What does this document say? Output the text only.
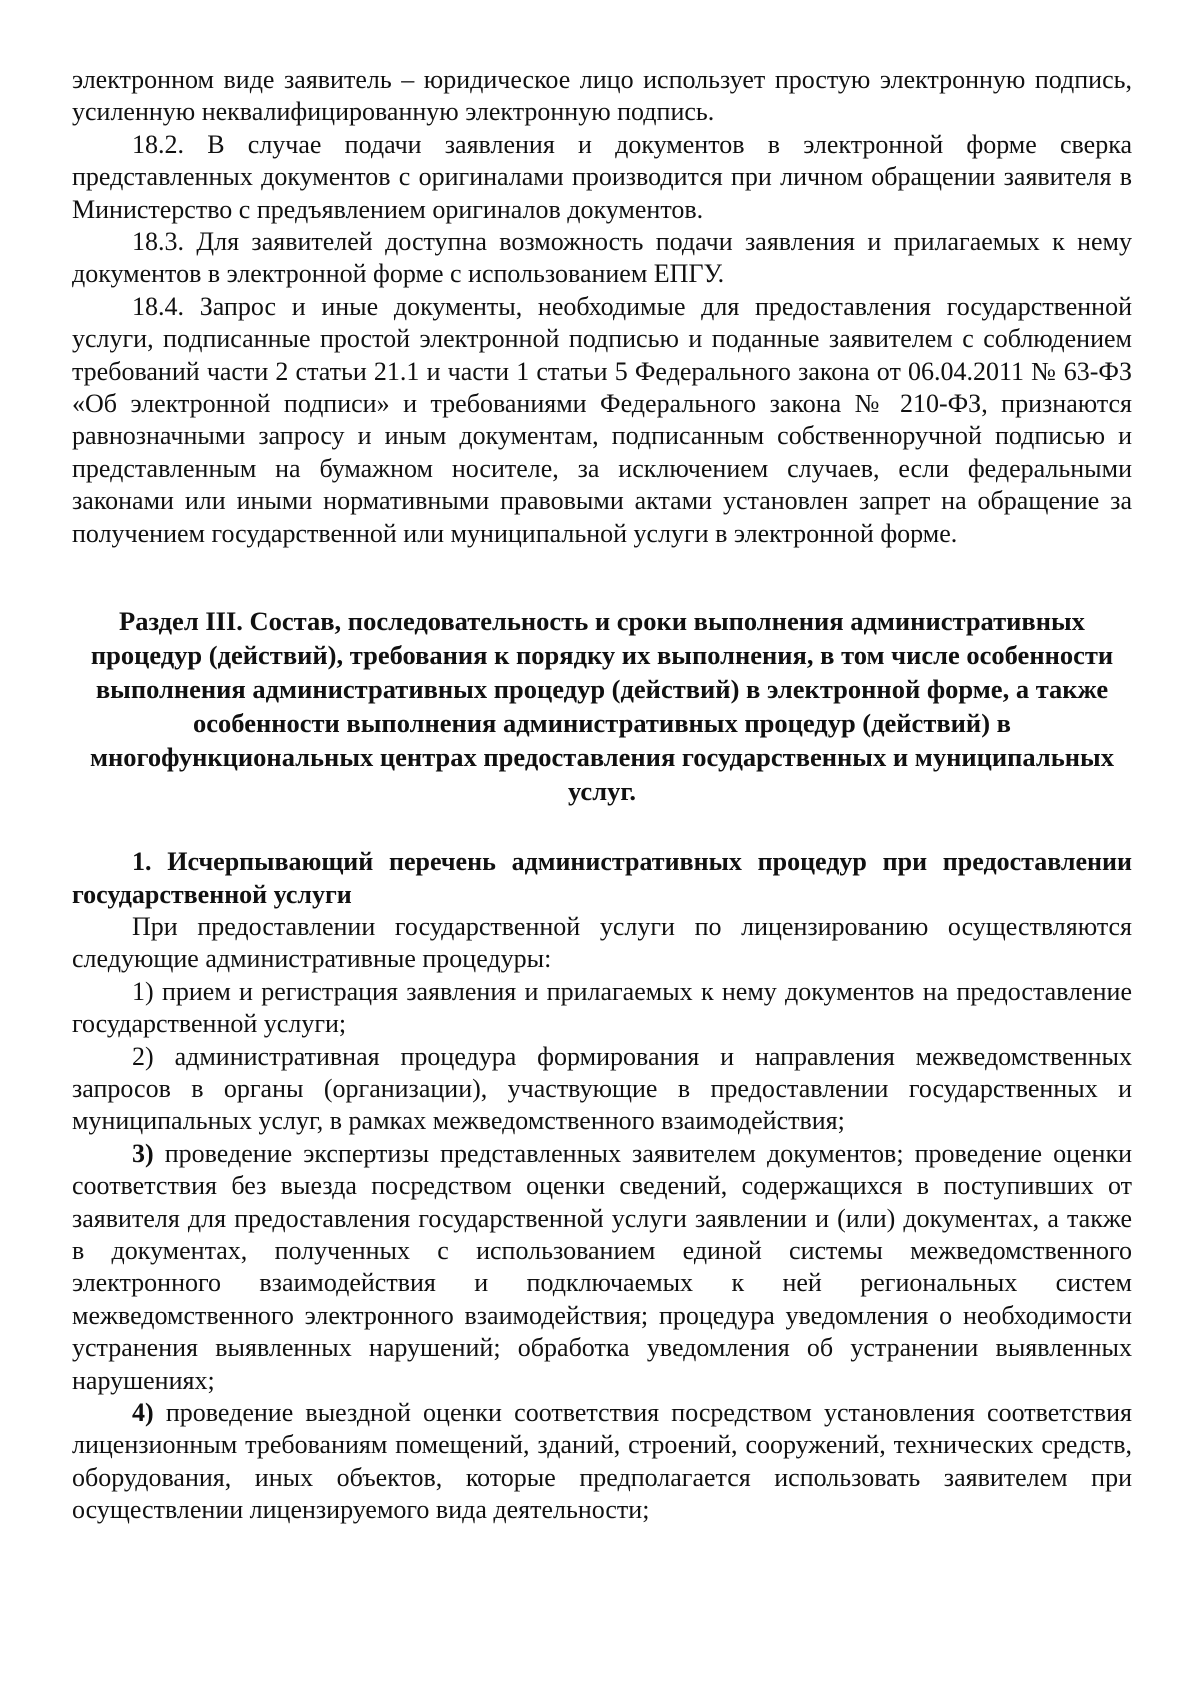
электронном виде заявитель – юридическое лицо использует простую электронную подпись, усиленную неквалифицированную электронную подпись.

18.2. В случае подачи заявления и документов в электронной форме сверка представленных документов с оригиналами производится при личном обращении заявителя в Министерство с предъявлением оригиналов документов.

18.3. Для заявителей доступна возможность подачи заявления и прилагаемых к нему документов в электронной форме с использованием ЕПГУ.

18.4. Запрос и иные документы, необходимые для предоставления государственной услуги, подписанные простой электронной подписью и поданные заявителем с соблюдением требований части 2 статьи 21.1 и части 1 статьи 5 Федерального закона от 06.04.2011 № 63-ФЗ «Об электронной подписи» и требованиями Федерального закона № 210-ФЗ, признаются равнозначными запросу и иным документам, подписанным собственноручной подписью и представленным на бумажном носителе, за исключением случаев, если федеральными законами или иными нормативными правовыми актами установлен запрет на обращение за получением государственной или муниципальной услуги в электронной форме.

Раздел III. Состав, последовательность и сроки выполнения административных процедур (действий), требования к порядку их выполнения, в том числе особенности выполнения административных процедур (действий) в электронной форме, а также особенности выполнения административных процедур (действий) в многофункциональных центрах предоставления государственных и муниципальных услуг.

1. Исчерпывающий перечень административных процедур при предоставлении государственной услуги

При предоставлении государственной услуги по лицензированию осуществляются следующие административные процедуры:

1) прием и регистрация заявления и прилагаемых к нему документов на предоставление государственной услуги;

2) административная процедура формирования и направления межведомственных запросов в органы (организации), участвующие в предоставлении государственных и муниципальных услуг, в рамках межведомственного взаимодействия;

3) проведение экспертизы представленных заявителем документов; проведение оценки соответствия без выезда посредством оценки сведений, содержащихся в поступивших от заявителя для предоставления государственной услуги заявлении и (или) документах, а также в документах, полученных с использованием единой системы межведомственного электронного взаимодействия и подключаемых к ней региональных систем межведомственного электронного взаимодействия; процедура уведомления о необходимости устранения выявленных нарушений; обработка уведомления об устранении выявленных нарушениях;

4) проведение выездной оценки соответствия посредством установления соответствия лицензионным требованиям помещений, зданий, строений, сооружений, технических средств, оборудования, иных объектов, которые предполагается использовать заявителем при осуществлении лицензируемого вида деятельности;
